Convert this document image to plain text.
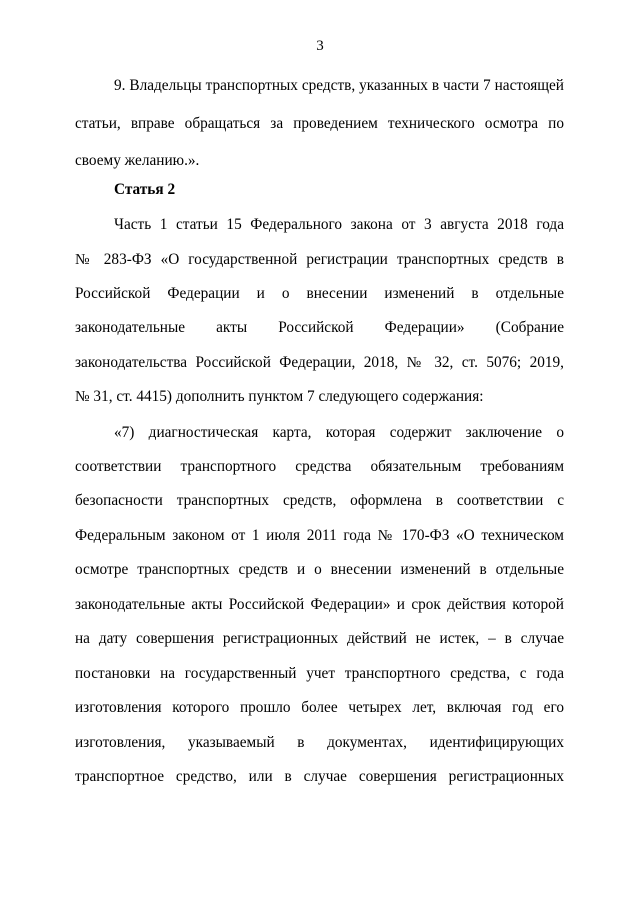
3
9. Владельцы транспортных средств, указанных в части 7 настоящей
статьи, вправе обращаться за проведением технического осмотра по
своему желанию.».
Статья 2
Часть 1 статьи 15 Федерального закона от 3 августа 2018 года
№ 283-ФЗ «О государственной регистрации транспортных средств в
Российской Федерации и о внесении изменений в отдельные
законодательные акты Российской Федерации» (Собрание
законодательства Российской Федерации, 2018, № 32, ст. 5076; 2019,
№ 31, ст. 4415) дополнить пунктом 7 следующего содержания:
«7) диагностическая карта, которая содержит заключение о
соответствии транспортного средства обязательным требованиям
безопасности транспортных средств, оформлена в соответствии с
Федеральным законом от 1 июля 2011 года № 170-ФЗ «О техническом
осмотре транспортных средств и о внесении изменений в отдельные
законодательные акты Российской Федерации» и срок действия которой
на дату совершения регистрационных действий не истек, – в случае
постановки на государственный учет транспортного средства, с года
изготовления которого прошло более четырех лет, включая год его
изготовления, указываемый в документах, идентифицирующих
транспортное средство, или в случае совершения регистрационных
